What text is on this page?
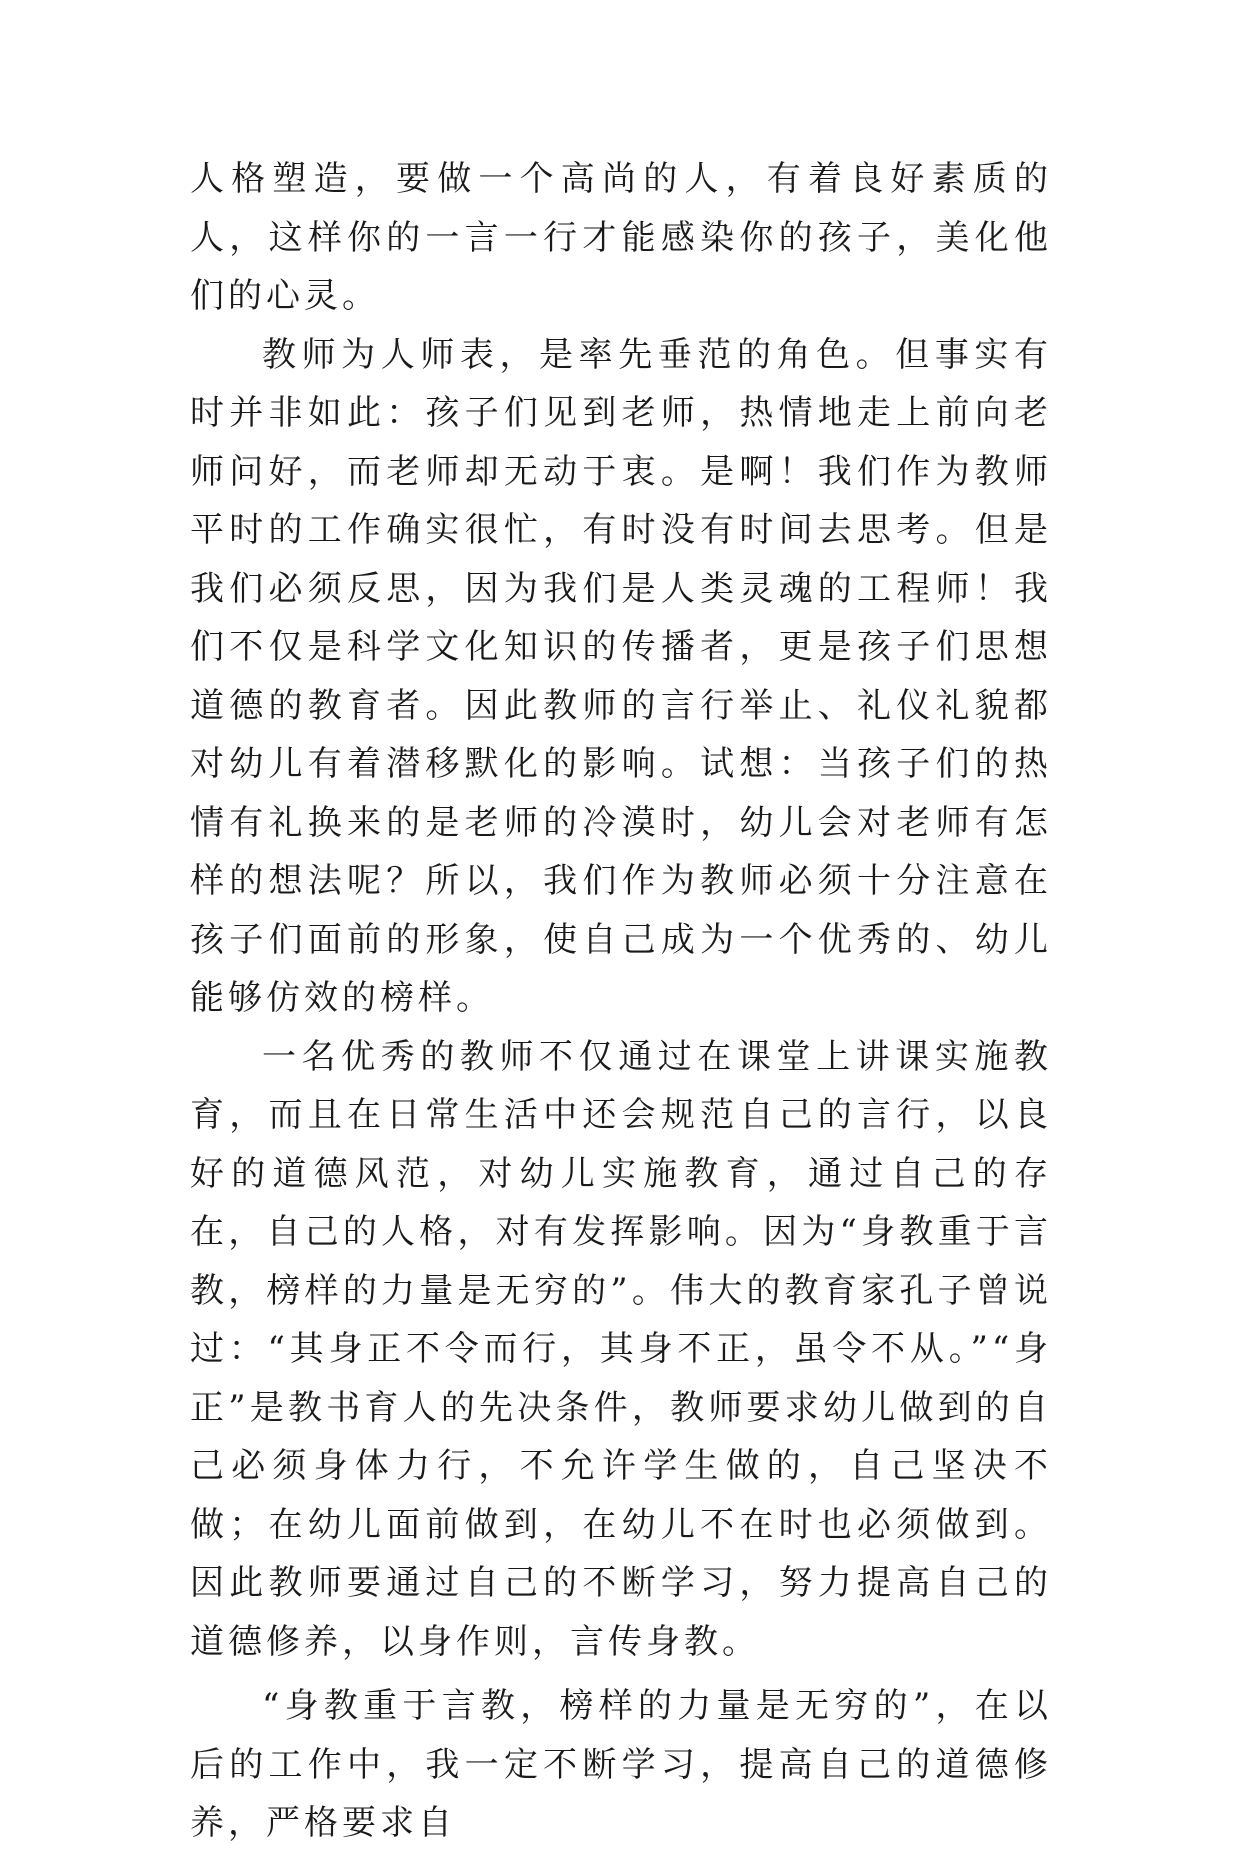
人格塑造，要做一个高尚的人，有着良好素质的人，这样你的一言一行才能感染你的孩子，美化他们的心灵。

教师为人师表，是率先垂范的角色。但事实有时并非如此：孩子们见到老师，热情地走上前向老师问好，而老师却无动于衷。是啊！我们作为教师平时的工作确实很忙，有时没有时间去思考。但是我们必须反思，因为我们是人类灵魂的工程师！我们不仅是科学文化知识的传播者，更是孩子们思想道德的教育者。因此教师的言行举止、礼仪礼貌都对幼儿有着潜移默化的影响。试想：当孩子们的热情有礼换来的是老师的冷漠时，幼儿会对老师有怎样的想法呢？所以，我们作为教师必须十分注意在孩子们面前的形象，使自己成为一个优秀的、幼儿能够仿效的榜样。

一名优秀的教师不仅通过在课堂上讲课实施教育，而且在日常生活中还会规范自己的言行，以良好的道德风范，对幼儿实施教育，通过自己的存在，自己的人格，对有发挥影响。因为“身教重于言教，榜样的力量是无穷的”。伟大的教育家孔子曾说过：“其身正不令而行，其身不正，虽令不从。”“身正”是教书育人的先决条件，教师要求幼儿做到的自己必须身体力行，不允许学生做的，自己坚决不做；在幼儿面前做到，在幼儿不在时也必须做到。因此教师要通过自己的不断学习，努力提高自己的道德修养，以身作则，言传身教。

“身教重于言教，榜样的力量是无穷的”，在以后的工作中，我一定不断学习，提高自己的道德修养，严格要求自
